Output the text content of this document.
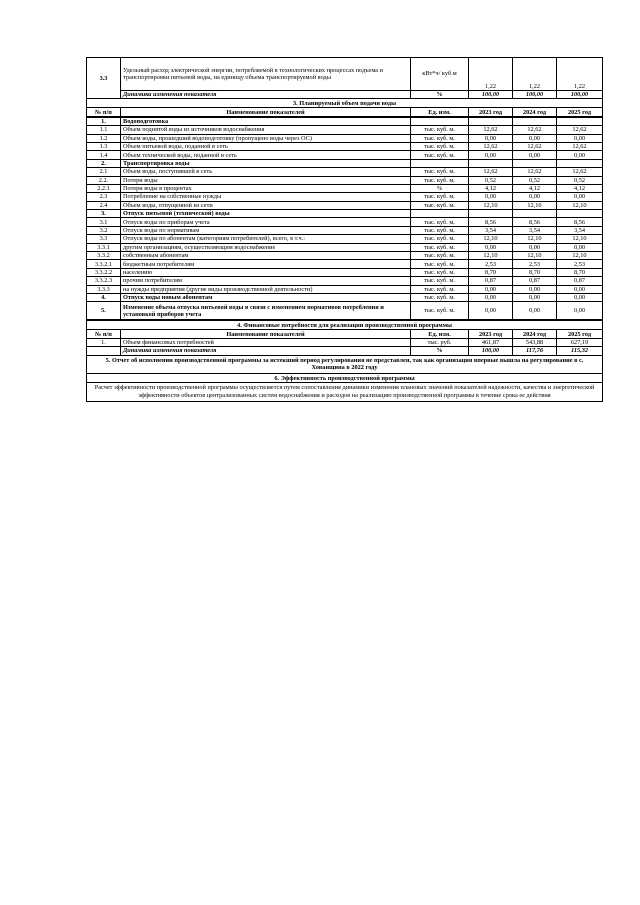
3.3	Удельный расход электрической энергии, потребляемой в технологических процессах подъема и транспортировки питьевой воды, на единицу объема транспортируемой воды	кВт*ч/ куб.м	1,22	1,22	1,22
	Динамика изменения показателя	%	100,00	100,00	100,00
3. Планируемый объем подачи воды					
№ п/п	Наименование показателей	Ед. изм.	2023 год	2024 год	2025 год
1.	Водоподготовка				
1.1	Объем поднятой воды из источников водоснабжения	тыс. куб. м.	12,62	12,62	12,62
1.2	Объем воды, прошедший водоподготовку (пропущено воды через ОС)	тыс. куб. м.	0,00	0,00	0,00
1.3	Объем питьевой воды, поданной в сеть	тыс. куб. м.	12,62	12,62	12,62
1.4	Объем технической воды, поданной в сеть	тыс. куб. м.	0,00	0,00	0,00
2.	Транспортировка воды				
2.1	Объем воды, поступившей в сеть	тыс. куб. м.	12,62	12,62	12,62
2.2.	Потери воды	тыс. куб. м.	0,52	0,52	0,52
2.2.1	Потери воды в процентах	%	4,12	4,12	4,12
2.3	Потребление на собственные нужды	тыс. куб. м.	0,00	0,00	0,00
2.4	Объем воды, отпущенной из сети	тыс. куб. м.	12,10	12,10	12,10
3.	Отпуск питьевой (технической) воды				
3.1	Отпуск воды по приборам учета	тыс. куб. м.	8,56	8,56	8,56
3.2	Отпуск воды по нормативам	тыс. куб. м.	3,54	3,54	3,54
3.3	Отпуск воды по абонентам (категориям потребителей), всего, в т.ч.:	тыс. куб. м.	12,10	12,10	12,10
3.3.1	другим организациям, осуществляющим водоснабжение	тыс. куб. м.	0,00	0,00	0,00
3.3.2	собственным абонентам	тыс. куб. м.	12,10	12,10	12,10
3.3.2.1	бюджетным потребителям	тыс. куб. м.	2,53	2,53	2,53
3.3.2.2	населению	тыс. куб. м.	8,70	8,70	8,70
3.3.2.3	прочим потребителям	тыс. куб. м.	0,87	0,87	0,87
3.3.3	на нужды предприятия (другие виды производственной деятельности)	тыс. куб. м.	0,00	0,00	0,00
4.	Отпуск воды новым абонентам	тыс. куб. м.	0,00	0,00	0,00
5.	Изменение объема отпуска питьевой воды в связи с изменением нормативов потребления и установкой приборов учета	тыс. куб. м.	0,00	0,00	0,00
4. Финансовые потребности для реализации производственной программы					
№ п/п	Наименование показателей	Ед. изм.	2023 год	2024 год	2025 год
1.	Объем финансовых потребностей	тыс. руб.	461,87	543,88	627,19
	Динамика изменения показателя	%	100,00	117,76	115,32
5. Отчет об исполнении производственной программы за истекший период регулирования не представлен, так как организация впервые вышла на регулирование в с. Хованщина в 2022 году					
6. Эффективность производственной программы					
Расчет эффективности производственной программы осуществляется путем сопоставления динамики изменения плановых значений показателей надежности, качества и энергетической эффективности объектов централизованных систем водоснабжения и расходов на реализацию производственной программы в течение срока ее действия					
